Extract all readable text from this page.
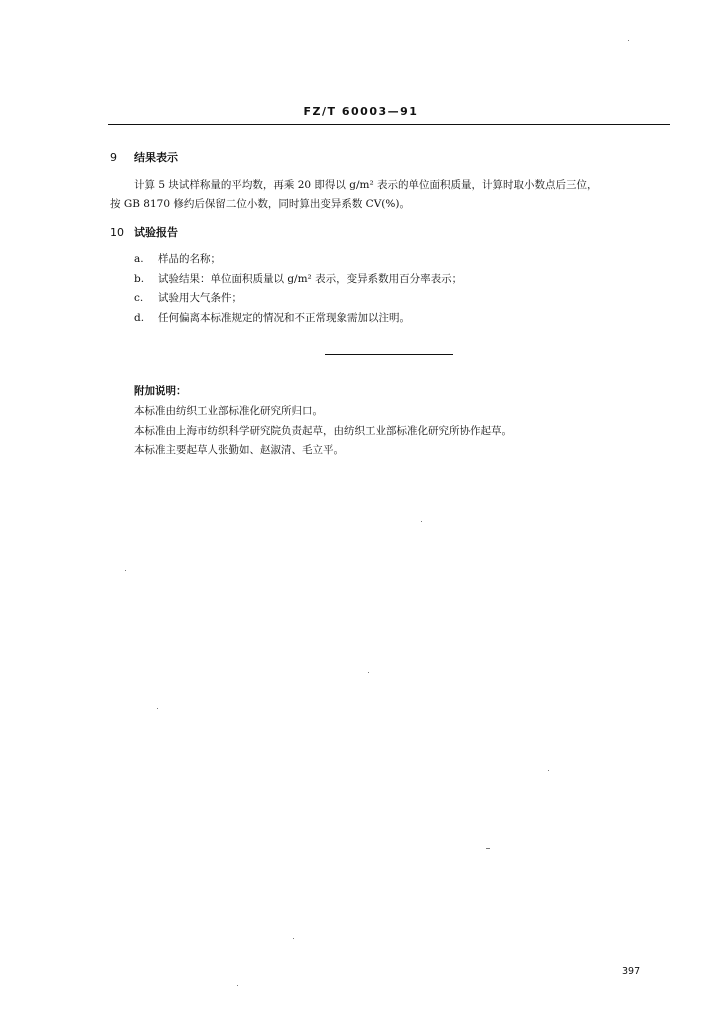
FZ/T 60003—91
9 结果表示
计算 5 块试样称量的平均数，再乘 20 即得以 g/m² 表示的单位面积质量，计算时取小数点后三位，
按 GB 8170 修约后保留二位小数，同时算出变异系数 CV(%)。
10 试验报告
a. 样品的名称；
b. 试验结果：单位面积质量以 g/m² 表示，变异系数用百分率表示；
c. 试验用大气条件；
d. 任何偏离本标准规定的情况和不正常现象需加以注明。
附加说明：
本标准由纺织工业部标准化研究所归口。
本标准由上海市纺织科学研究院负责起草，由纺织工业部标准化研究所协作起草。
本标准主要起草人张勤如、赵淑清、毛立平。
397
